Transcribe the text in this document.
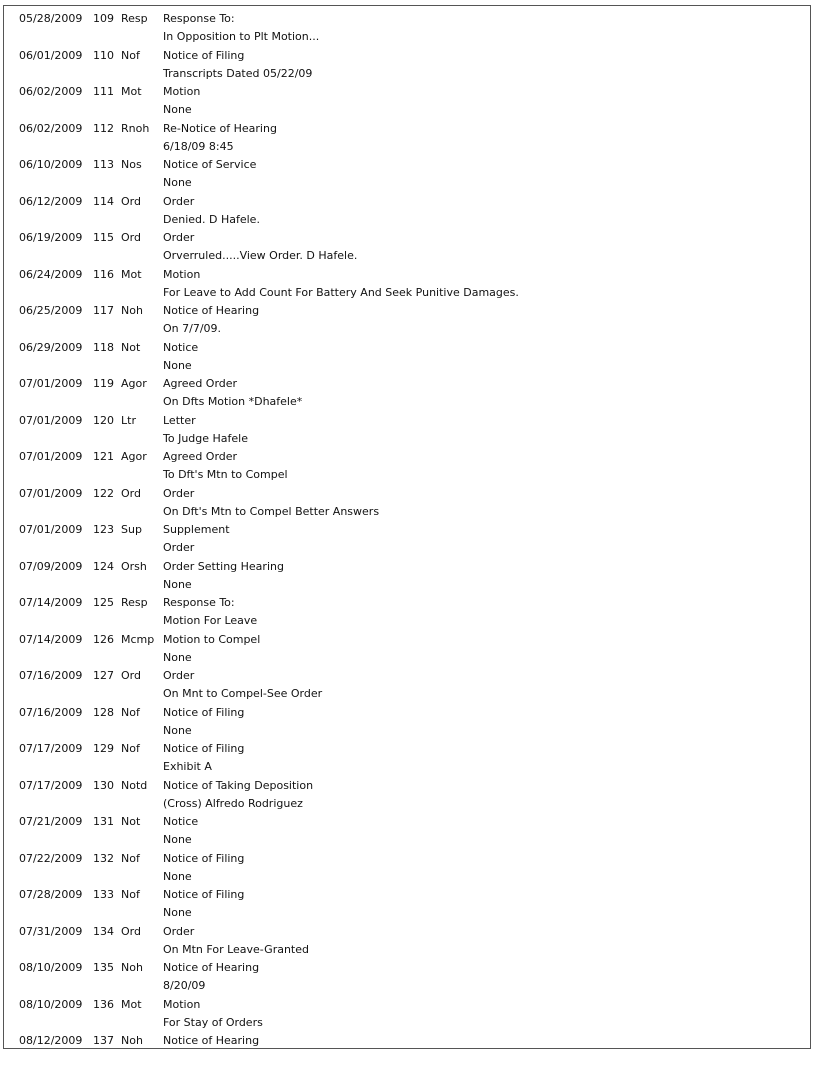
05/28/2009 109 Resp Response To:
In Opposition to Plt Motion...
06/01/2009 110 Nof Notice of Filing
Transcripts Dated 05/22/09
06/02/2009 111 Mot Motion
None
06/02/2009 112 Rnoh Re-Notice of Hearing
6/18/09 8:45
06/10/2009 113 Nos Notice of Service
None
06/12/2009 114 Ord Order
Denied. D Hafele.
06/19/2009 115 Ord Order
Orverruled.....View Order. D Hafele.
06/24/2009 116 Mot Motion
For Leave to Add Count For Battery And Seek Punitive Damages.
06/25/2009 117 Noh Notice of Hearing
On 7/7/09.
06/29/2009 118 Not Notice
None
07/01/2009 119 Agor Agreed Order
On Dfts Motion *Dhafele*
07/01/2009 120 Ltr Letter
To Judge Hafele
07/01/2009 121 Agor Agreed Order
To Dft's Mtn to Compel
07/01/2009 122 Ord Order
On Dft's Mtn to Compel Better Answers
07/01/2009 123 Sup Supplement
Order
07/09/2009 124 Orsh Order Setting Hearing
None
07/14/2009 125 Resp Response To:
Motion For Leave
07/14/2009 126 Mcmp Motion to Compel
None
07/16/2009 127 Ord Order
On Mnt to Compel-See Order
07/16/2009 128 Nof Notice of Filing
None
07/17/2009 129 Nof Notice of Filing
Exhibit A
07/17/2009 130 Notd Notice of Taking Deposition
(Cross) Alfredo Rodriguez
07/21/2009 131 Not Notice
None
07/22/2009 132 Nof Notice of Filing
None
07/28/2009 133 Nof Notice of Filing
None
07/31/2009 134 Ord Order
On Mtn For Leave-Granted
08/10/2009 135 Noh Notice of Hearing
8/20/09
08/10/2009 136 Mot Motion
For Stay of Orders
08/12/2009 137 Noh Notice of Hearing
